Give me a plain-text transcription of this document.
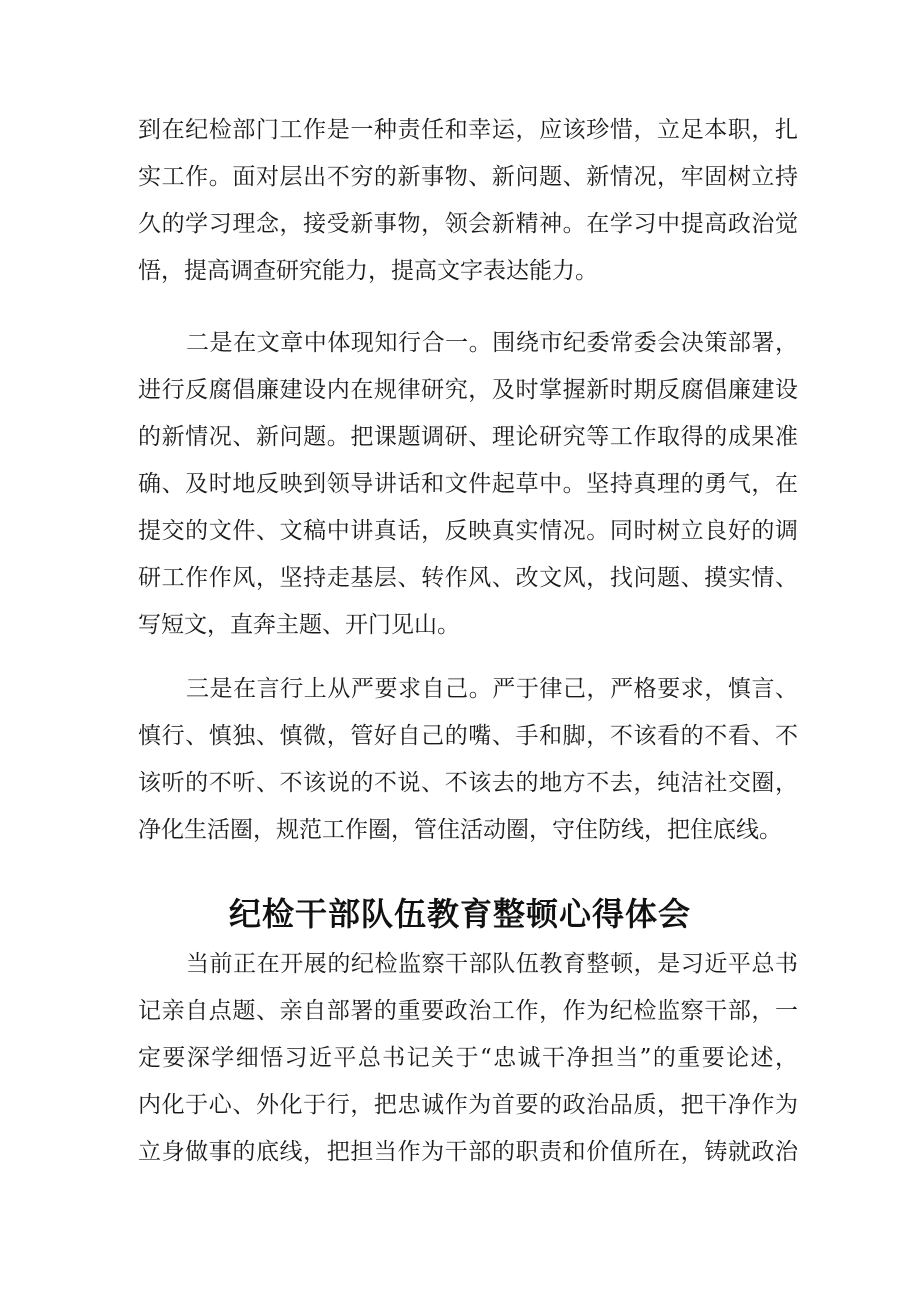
到在纪检部门工作是一种责任和幸运，应该珍惜，立足本职，扎
实工作。面对层出不穷的新事物、新问题、新情况，牢固树立持
久的学习理念，接受新事物，领会新精神。在学习中提高政治觉
悟，提高调查研究能力，提高文字表达能力。
二是在文章中体现知行合一。围绕市纪委常委会决策部署，
进行反腐倡廉建设内在规律研究，及时掌握新时期反腐倡廉建设
的新情况、新问题。把课题调研、理论研究等工作取得的成果准
确、及时地反映到领导讲话和文件起草中。坚持真理的勇气，在
提交的文件、文稿中讲真话，反映真实情况。同时树立良好的调
研工作作风，坚持走基层、转作风、改文风，找问题、摸实情、
写短文，直奔主题、开门见山。
三是在言行上从严要求自己。严于律己，严格要求，慎言、
慎行、慎独、慎微，管好自己的嘴、手和脚，不该看的不看、不
该听的不听、不该说的不说、不该去的地方不去，纯洁社交圈，
净化生活圈，规范工作圈，管住活动圈，守住防线，把住底线。
纪检干部队伍教育整顿心得体会
当前正在开展的纪检监察干部队伍教育整顿，是习近平总书
记亲自点题、亲自部署的重要政治工作，作为纪检监察干部，一
定要深学细悟习近平总书记关于“忠诚干净担当”的重要论述，
内化于心、外化于行，把忠诚作为首要的政治品质，把干净作为
立身做事的底线，把担当作为干部的职责和价值所在，铸就政治
